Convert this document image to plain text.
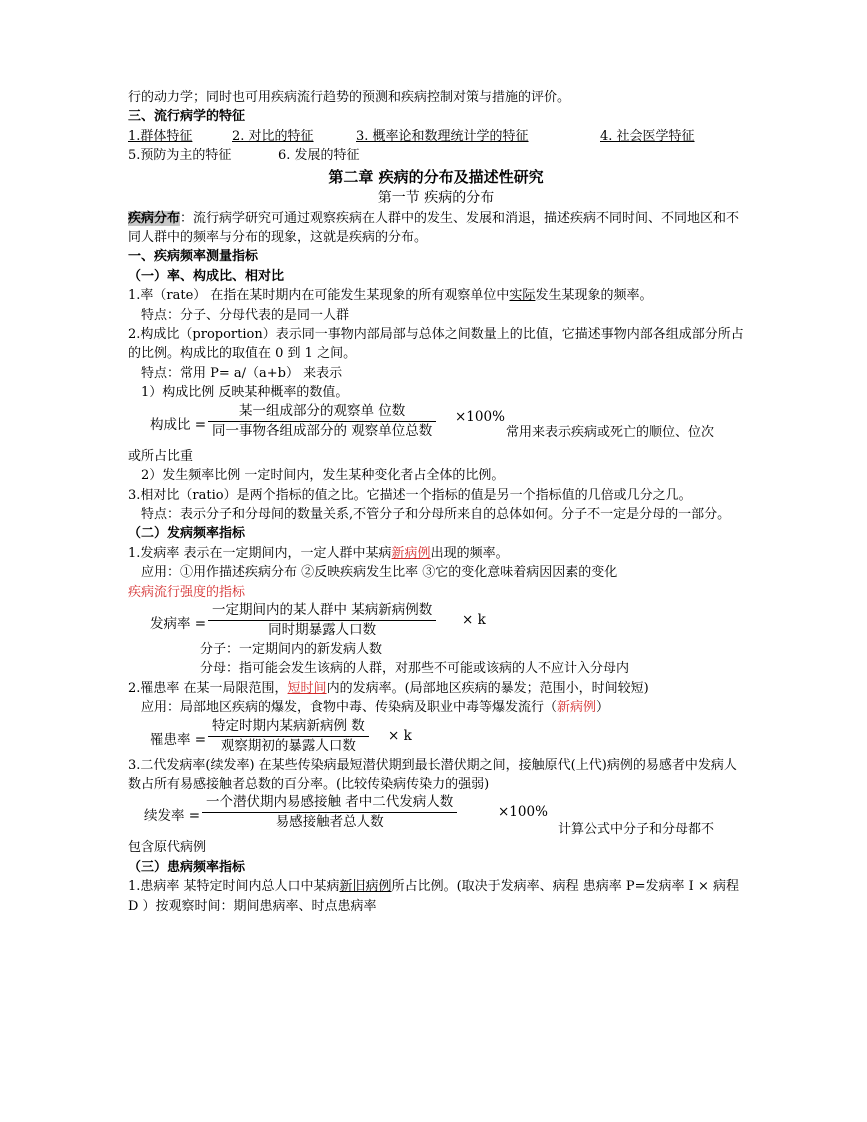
行的动力学；同时也可用疾病流行趋势的预测和疾病控制对策与措施的评价。
三、流行病学的特征
1.群体特征	2. 对比的特征	3. 概率论和数理统计学的特征	4. 社会医学特征
5.预防为主的特征	6. 发展的特征
第二章 疾病的分布及描述性研究
第一节 疾病的分布
疾病分布：流行病学研究可通过观察疾病在人群中的发生、发展和消退，描述疾病不同时间、不同地区和不同人群中的频率与分布的现象，这就是疾病的分布。
一、疾病频率测量指标
（一）率、构成比、相对比
1.率（rate） 在指在某时期内在可能发生某现象的所有观察单位中实际发生某现象的频率。
特点：分子、分母代表的是同一人群
2.构成比（proportion）表示同一事物内部局部与总体之间数量上的比值，它描述事物内部各组成部分所占的比例。构成比的取值在 0 到 1 之间。
特点：常用 P= a/（a+b） 来表示
1）构成比例 反映某种概率的数值。
构成比 =
某一组成部分的观察单 位数
同一事物各组成部分的 观察单位总数
×100%
常用来表示疾病或死亡的顺位、位次
或所占比重
2）发生频率比例 一定时间内，发生某种变化者占全体的比例。
3.相对比（ratio）是两个指标的值之比。它描述一个指标的值是另一个指标值的几倍或几分之几。
特点：表示分子和分母间的数量关系,不管分子和分母所来自的总体如何。分子不一定是分母的一部分。
（二）发病频率指标
1.发病率 表示在一定期间内，一定人群中某病新病例出现的频率。
应用：①用作描述疾病分布 ②反映疾病发生比率 ③它的变化意味着病因因素的变化
疾病流行强度的指标
发病率 =
一定期间内的某人群中 某病新病例数
同时期暴露人口数
× k
分子：一定期间内的新发病人数
分母：指可能会发生该病的人群，对那些不可能或该病的人不应计入分母内
2.罹患率 在某一局限范围，短时间内的发病率。(局部地区疾病的暴发；范围小，时间较短)
应用：局部地区疾病的爆发，食物中毒、传染病及职业中毒等爆发流行（新病例）
罹患率 =
特定时期内某病新病例 数
观察期初的暴露人口数
× k
3.二代发病率(续发率) 在某些传染病最短潜伏期到最长潜伏期之间，接触原代(上代)病例的易感者中发病人数占所有易感接触者总数的百分率。(比较传染病传染力的强弱)
续发率 =
一个潜伏期内易感接触 者中二代发病人数
易感接触者总人数
×100%
计算公式中分子和分母都不
包含原代病例
（三）患病频率指标
1.患病率 某特定时间内总人口中某病新旧病例所占比例。(取决于发病率、病程 患病率 P=发病率 I × 病程 D ）按观察时间：期间患病率、时点患病率
